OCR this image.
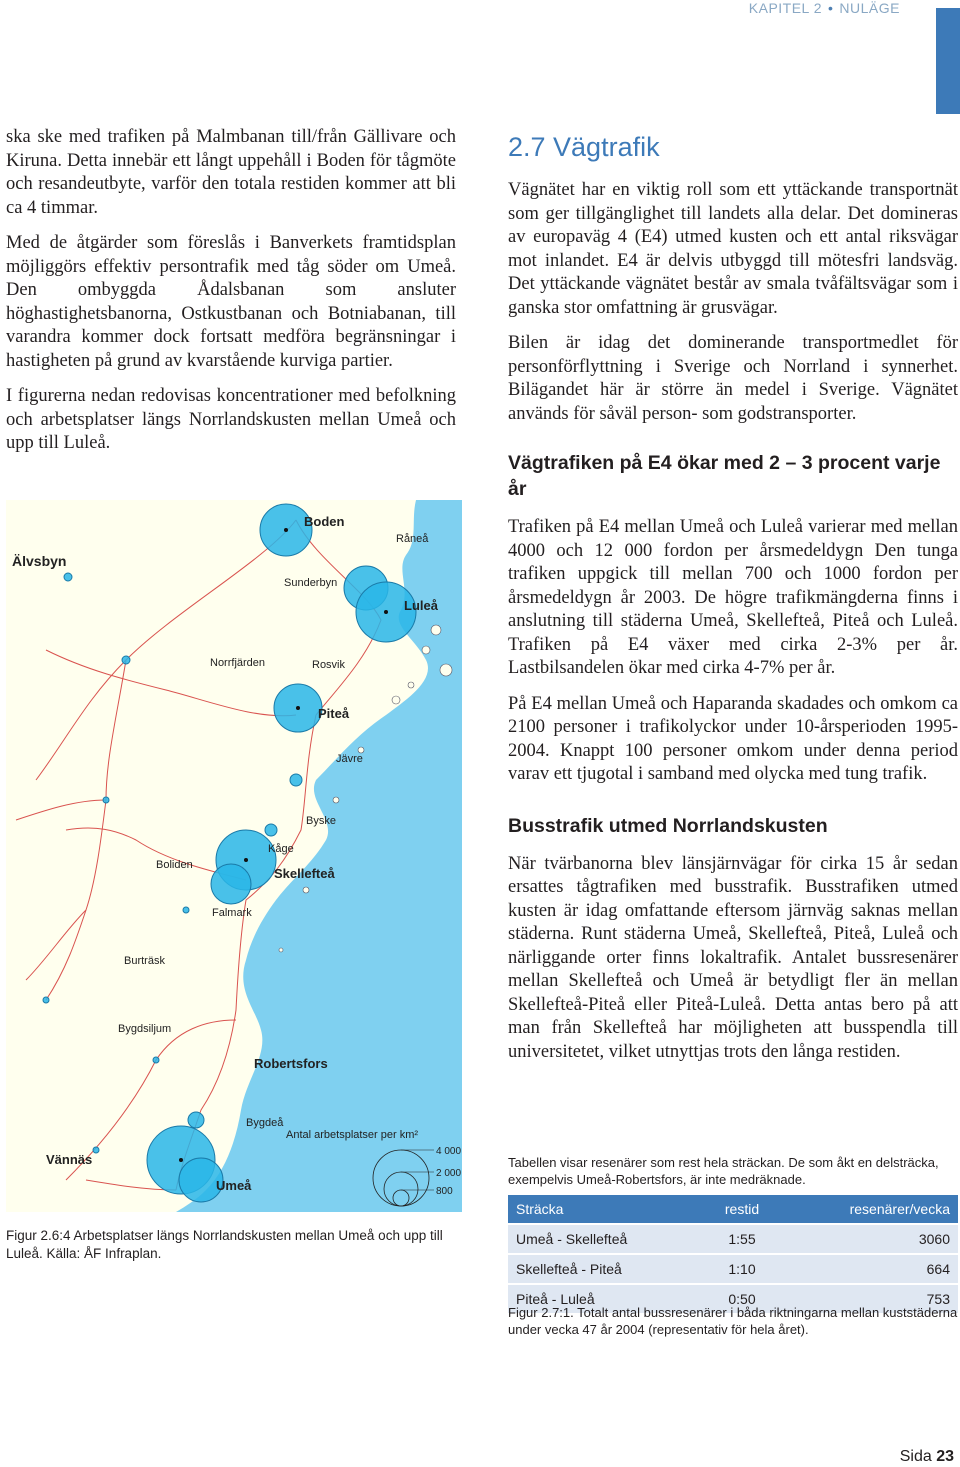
KAPITEL 2 • NULÄGE

ska ske med trafiken på Malmbanan till/från Gällivare och Kiruna. Detta innebär ett långt uppehåll i Boden för tågmöte och resandeutbyte, varför den totala restiden kommer att bli ca 4 timmar.

Med de åtgärder som föreslås i Banverkets framtidsplan möjliggörs effektiv persontrafik med tåg söder om Umeå. Den ombyggda Ådalsbanan som ansluter höghastighetsbanorna, Ostkustbanan och Botniabanan, till varandra kommer dock fortsatt medföra begränsningar i hastigheten på grund av kvarstående kurviga partier.

I figurerna nedan redovisas koncentrationer med befolkning och arbetsplatser längs Norrlandskusten mellan Umeå och upp till Luleå.

Boden
Råneå
Älvsbyn
Sunderbyn
Luleå
Norrfjärden	Rosvik
Piteå
Jävre
Byske
Kåge
Boliden
Skellefteå
Falmark
Burträsk
Bygdsiljum
Robertsfors
Bygdeå
Vännäs
Umeå
Antal arbetsplatser per km²
4 000
2 000
800
Figur 2.6:4 Arbetsplatser längs Norrlandskusten mellan Umeå och upp till Luleå. Källa: ÅF Infraplan.
2.7 Vägtrafik

Vägnätet har en viktig roll som ett yttäckande transportnät som ger tillgänglighet till landets alla delar. Det domineras av europaväg 4 (E4) utmed kusten och ett antal riksvägar mot inlandet. E4 är delvis utbyggd till mötesfri landsväg. Det yttäckande vägnätet består av smala tvåfältsvägar som i ganska stor omfattning är grusvägar.

Bilen är idag det dominerande transportmedlet för personförflyttning i Sverige och Norrland i synnerhet. Bilägandet här är större än medel i Sverige. Vägnätet används för såväl person- som godstransporter.

Vägtrafiken på E4 ökar med 2 – 3 procent varje år

Trafiken på E4 mellan Umeå och Luleå varierar med mellan 4000 och 12 000 fordon per årsmedeldygn Den tunga trafiken uppgick till mellan 700 och 1000 fordon per årsmedeldygn år 2003. De högre trafikmängderna finns i anslutning till städerna Umeå, Skellefteå, Piteå och Luleå. Trafiken på E4 växer med cirka 2-3% per år. Lastbilsandelen ökar med cirka 4-7% per år.

På E4 mellan Umeå och Haparanda skadades och omkom ca 2100 personer i trafikolyckor under 10-årsperioden 1995-2004. Knappt 100 personer omkom under denna period varav ett tjugotal i samband med olycka med tung trafik.

Busstrafik utmed Norrlandskusten

När tvärbanorna blev länsjärnvägar för cirka 15 år sedan ersattes tågtrafiken med busstrafik. Busstrafiken utmed kusten är idag omfattande eftersom järnväg saknas mellan städerna. Runt städerna Umeå, Skellefteå, Piteå, Luleå och närliggande orter finns lokaltrafik. Antalet bussresenärer mellan Skellefteå och Umeå är betydligt fler än mellan Skellefteå-Piteå eller Piteå-Luleå. Detta antas bero på att man från Skellefteå har möjligheten att busspendla till universitetet, vilket utnyttjas trots den långa restiden.

Tabellen visar resenärer som rest hela sträckan. De som åkt en delsträcka, exempelvis Umeå-Robertsfors, är inte medräknade.
Sträcka	restid	resenärer/vecka
Umeå - Skellefteå	1:55	3060
Skellefteå - Piteå	1:10	664
Piteå - Luleå	0:50	753
Figur 2.7:1. Totalt antal bussresenärer i båda riktningarna mellan kuststäderna under vecka 47 år 2004 (representativ för hela året).
Sida 23
